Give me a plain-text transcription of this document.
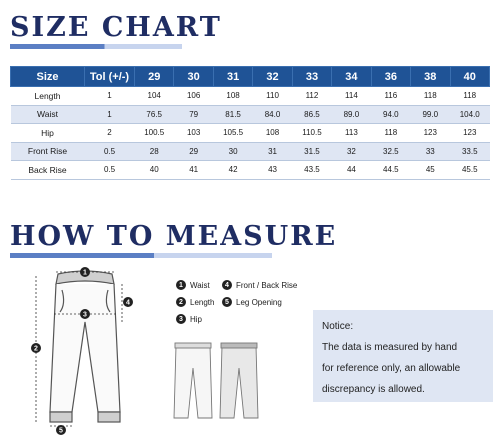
SIZE CHART
Size	Tol (+/-)	29	30	31	32	33	34	36	38	40
Length	1	104	106	108	110	112	114	116	118	118
Waist	1	76.5	79	81.5	84.0	86.5	89.0	94.0	99.0	104.0
Hip	2	100.5	103	105.5	108	110.5	113	118	123	123
Front Rise	0.5	28	29	30	31	31.5	32	32.5	33	33.5
Back Rise	0.5	40	41	42	43	43.5	44	44.5	45	45.5
HOW TO MEASURE
1
2
3
4
5
1 Waist	4 Front / Back Rise
2 Length	5 Leg Opening
3 Hip
Notice:
The data is measured by hand
for reference only, an allowable
discrepancy is allowed.
